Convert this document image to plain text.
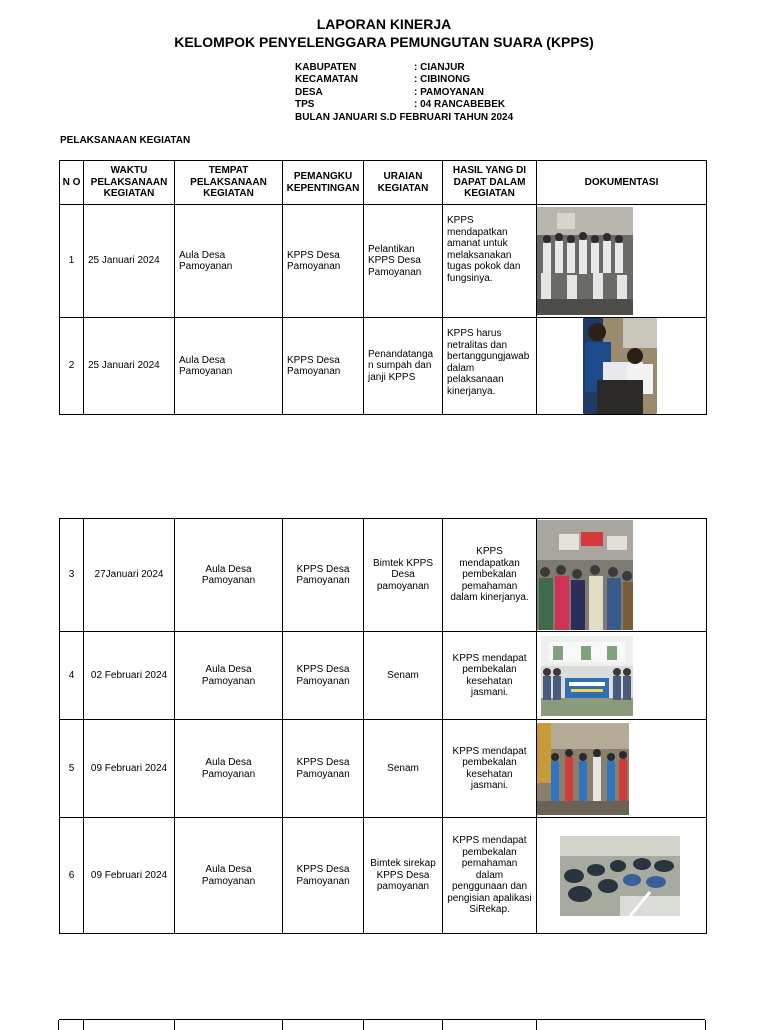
LAPORAN KINERJA
KELOMPOK PENYELENGGARA PEMUNGUTAN SUARA (KPPS)
KABUPATEN	: CIANJUR
KECAMATAN	: CIBINONG
DESA	: PAMOYANAN
TPS	: 04 RANCABEBEK
BULAN JANUARI S.D FEBRUARI TAHUN 2024
PELAKSANAAN KEGIATAN
N O	WAKTU PELAKSANAAN KEGIATAN	TEMPAT PELAKSANAAN KEGIATAN	PEMANGKU KEPENTINGAN	URAIAN KEGIATAN	HASIL YANG DI DAPAT DALAM KEGIATAN	DOKUMENTASI
1	25 Januari 2024	Aula Desa Pamoyanan	KPPS Desa Pamoyanan	Pelantikan KPPS Desa Pamoyanan	KPPS mendapatkan amanat untuk melaksanakan tugas pokok dan fungsinya.	

2	25 Januari 2024	Aula Desa Pamoyanan	KPPS Desa Pamoyanan	Penandatanga n sumpah dan janji KPPS	KPPS harus netralitas dan bertanggungjawab dalam pelaksanaan kinerjanya.	
3	27Januari 2024	Aula Desa Pamoyanan	KPPS Desa Pamoyanan	Bimtek KPPS Desa pamoyanan	KPPS mendapatkan pembekalan pemahaman dalam kinerjanya.	

4	02 Februari 2024	Aula Desa Pamoyanan	KPPS Desa Pamoyanan	Senam	KPPS mendapat pembekalan kesehatan jasmani.	

5	09 Februari 2024	Aula Desa Pamoyanan	KPPS Desa Pamoyanan	Senam	KPPS mendapat pembekalan kesehatan jasmani.	

6	09 Februari 2024	Aula Desa Pamoyanan	KPPS Desa Pamoyanan	Bimtek sirekap KPPS Desa pamoyanan	KPPS mendapat pembekalan pemahaman dalam penggunaan dan pengisian apalikasi SiRekap.	
